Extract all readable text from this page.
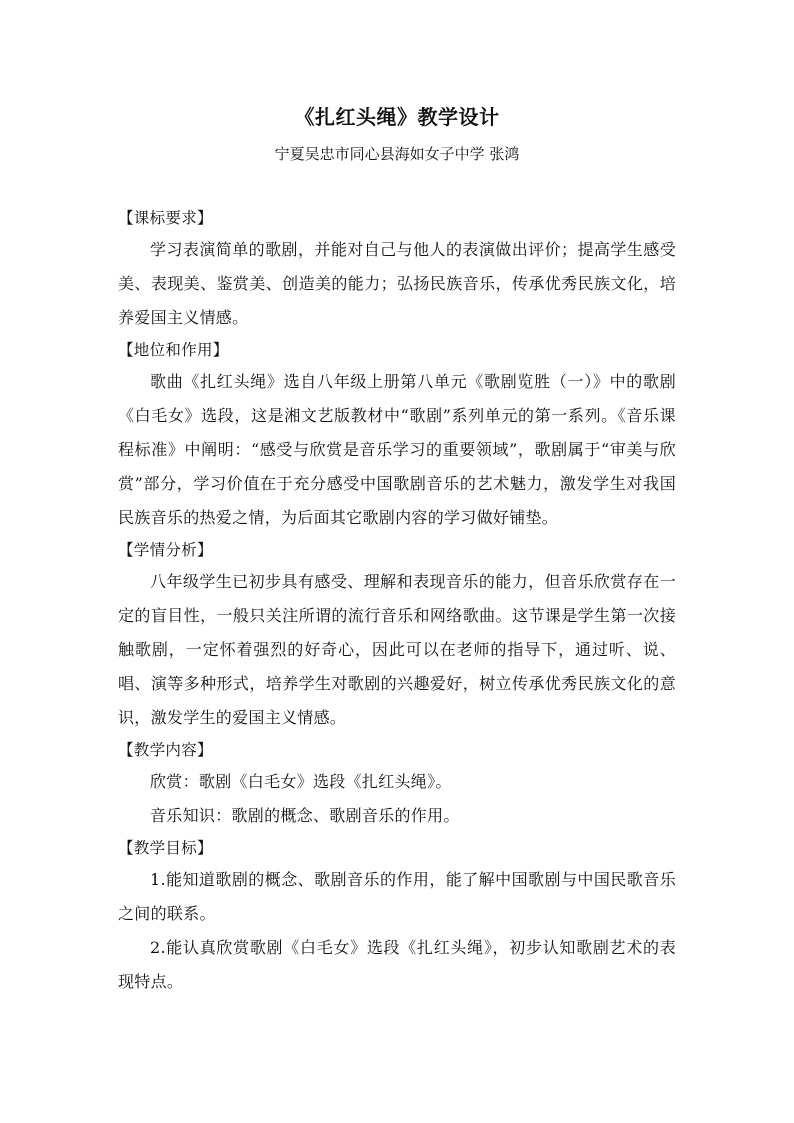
《扎红头绳》教学设计

宁夏吴忠市同心县海如女子中学 张鸿

【课标要求】

学习表演简单的歌剧，并能对自己与他人的表演做出评价；提高学生感受美、表现美、鉴赏美、创造美的能力；弘扬民族音乐，传承优秀民族文化，培养爱国主义情感。

【地位和作用】

歌曲《扎红头绳》选自八年级上册第八单元《歌剧览胜（一）》中的歌剧《白毛女》选段，这是湘文艺版教材中“歌剧”系列单元的第一系列。《音乐课程标准》中阐明：“感受与欣赏是音乐学习的重要领域”，歌剧属于“审美与欣赏”部分，学习价值在于充分感受中国歌剧音乐的艺术魅力，激发学生对我国民族音乐的热爱之情，为后面其它歌剧内容的学习做好铺垫。

【学情分析】

八年级学生已初步具有感受、理解和表现音乐的能力，但音乐欣赏存在一定的盲目性，一般只关注所谓的流行音乐和网络歌曲。这节课是学生第一次接触歌剧，一定怀着强烈的好奇心，因此可以在老师的指导下，通过听、说、唱、演等多种形式，培养学生对歌剧的兴趣爱好，树立传承优秀民族文化的意识，激发学生的爱国主义情感。

【教学内容】

欣赏：歌剧《白毛女》选段《扎红头绳》。

音乐知识：歌剧的概念、歌剧音乐的作用。

【教学目标】

1.能知道歌剧的概念、歌剧音乐的作用，能了解中国歌剧与中国民歌音乐之间的联系。

2.能认真欣赏歌剧《白毛女》选段《扎红头绳》，初步认知歌剧艺术的表现特点。
